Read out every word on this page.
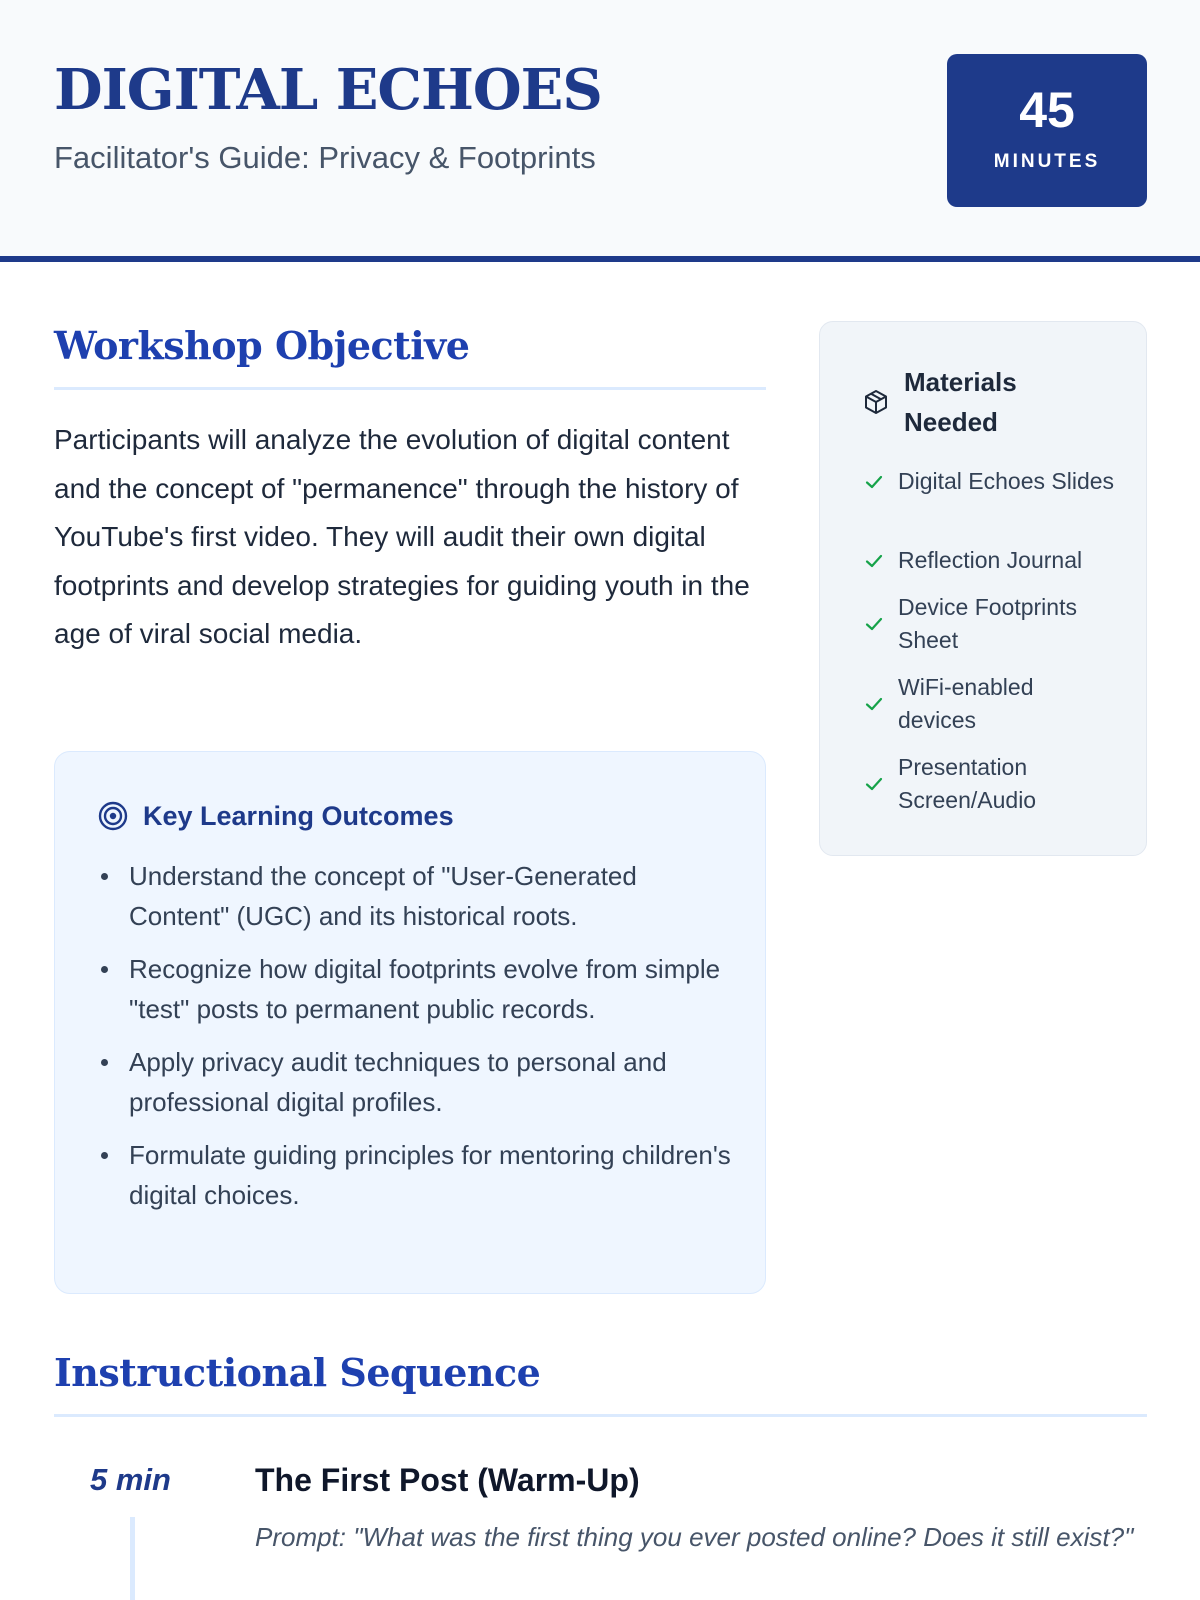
DIGITAL ECHOES
Facilitator's Guide: Privacy & Footprints
45
MINUTES
Workshop Objective
Participants will analyze the evolution of digital content and the concept of "permanence" through the history of YouTube's first video. They will audit their own digital footprints and develop strategies for guiding youth in the age of viral social media.
Key Learning Outcomes
Understand the concept of "User-Generated Content" (UGC) and its historical roots.
Recognize how digital footprints evolve from simple "test" posts to permanent public records.
Apply privacy audit techniques to personal and professional digital profiles.
Formulate guiding principles for mentoring children's digital choices.
Materials Needed
Digital Echoes Slides
Reflection Journal
Device Footprints Sheet
WiFi-enabled devices
Presentation Screen/Audio
Instructional Sequence
5 min	The First Post (Warm-Up)
Prompt: "What was the first thing you ever posted online? Does it still exist?"
